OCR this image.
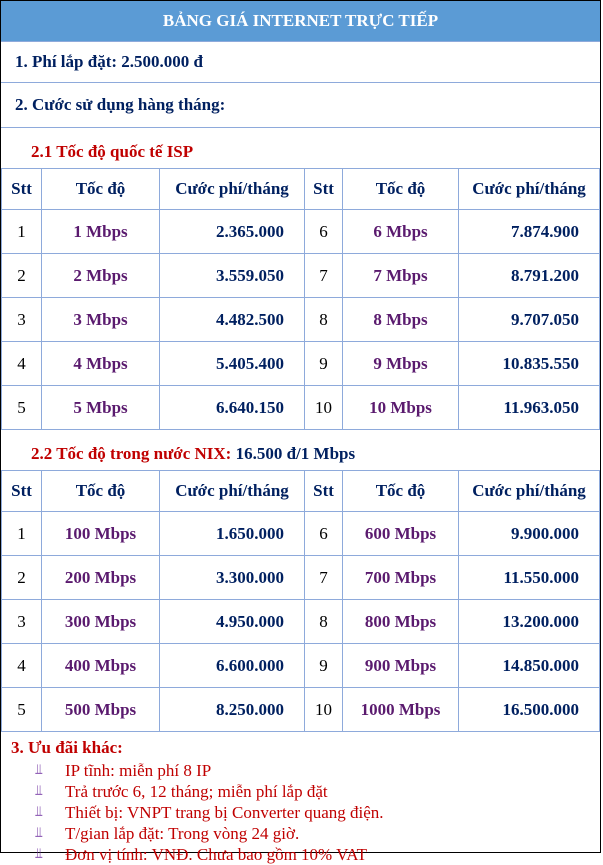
BẢNG GIÁ INTERNET TRỰC TIẾP
1. Phí lắp đặt: 2.500.000 đ
2. Cước sử dụng hàng tháng:
2.1 Tốc độ quốc tế ISP
Stt	Tốc độ	Cước phí/tháng	Stt	Tốc độ	Cước phí/tháng
1	1 Mbps	2.365.000	6	6 Mbps	7.874.900
2	2 Mbps	3.559.050	7	7 Mbps	8.791.200
3	3 Mbps	4.482.500	8	8 Mbps	9.707.050
4	4 Mbps	5.405.400	9	9 Mbps	10.835.550
5	5 Mbps	6.640.150	10	10 Mbps	11.963.050
2.2 Tốc độ trong nước NIX: 16.500 đ/1 Mbps
Stt	Tốc độ	Cước phí/tháng	Stt	Tốc độ	Cước phí/tháng
1	100 Mbps	1.650.000	6	600 Mbps	9.900.000
2	200 Mbps	3.300.000	7	700 Mbps	11.550.000
3	300 Mbps	4.950.000	8	800 Mbps	13.200.000
4	400 Mbps	6.600.000	9	900 Mbps	14.850.000
5	500 Mbps	8.250.000	10	1000 Mbps	16.500.000
3. Ưu đãi khác:
⫫	IP tĩnh: miễn phí 8 IP
⫫	Trả trước 6, 12 tháng; miễn phí lắp đặt
⫫	Thiết bị: VNPT trang bị Converter quang điện.
⫫	T/gian lắp đặt: Trong vòng 24 giờ.
⫫	Đơn vị tính: VNĐ. Chưa bao gồm 10% VAT
